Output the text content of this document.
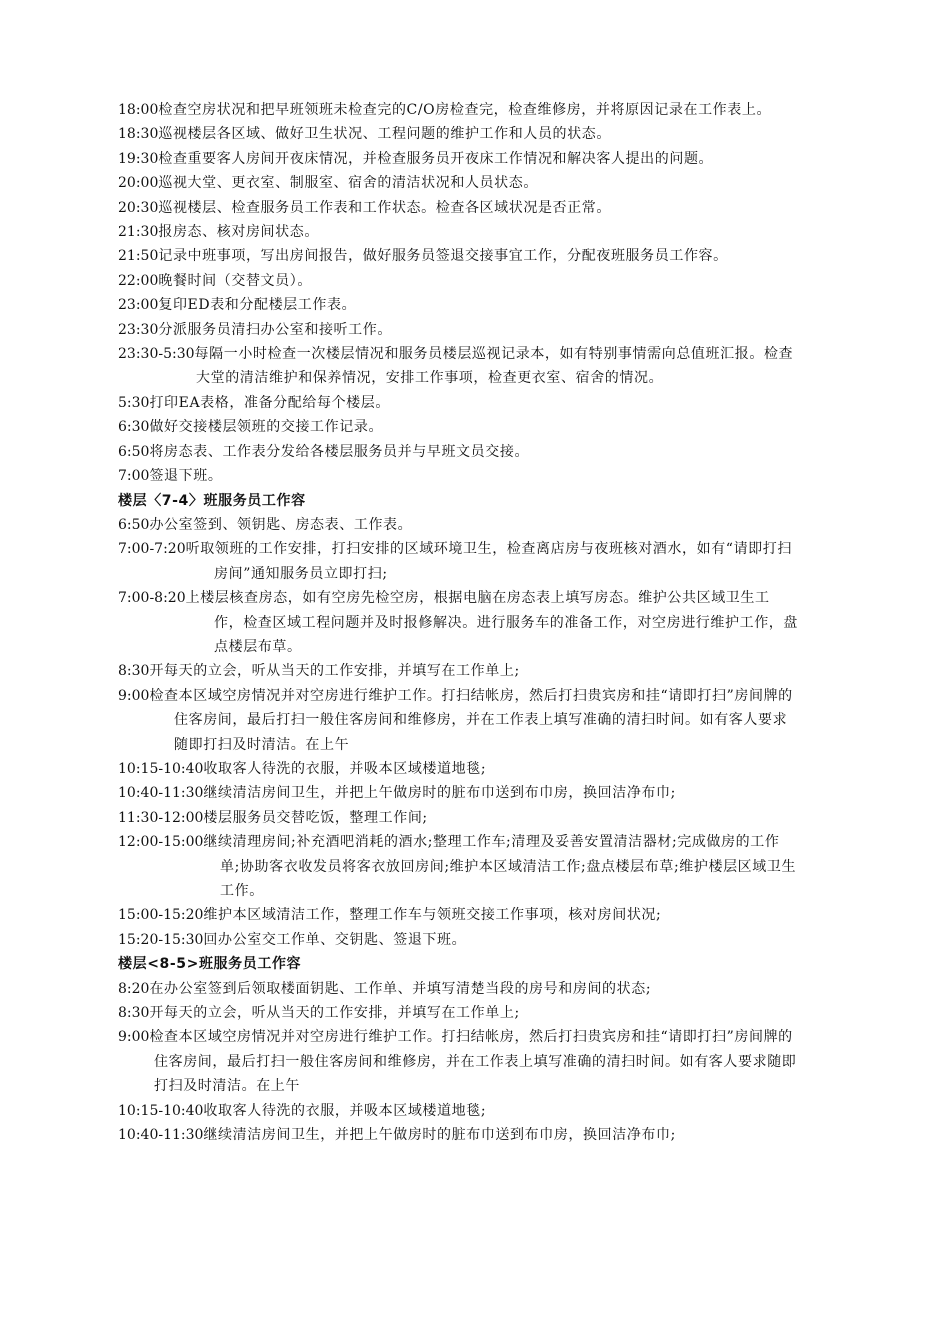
18:00检查空房状况和把早班领班未检查完的C/O房检查完，检查维修房，并将原因记录在工作表上。

18:30巡视楼层各区域、做好卫生状况、工程问题的维护工作和人员的状态。

19:30检查重要客人房间开夜床情况，并检查服务员开夜床工作情况和解决客人提出的问题。

20:00巡视大堂、更衣室、制服室、宿舍的清洁状况和人员状态。

20:30巡视楼层、检查服务员工作表和工作状态。检查各区域状况是否正常。

21:30报房态、核对房间状态。

21:50记录中班事项，写出房间报告，做好服务员签退交接事宜工作，分配夜班服务员工作容。

22:00晚餐时间（交替文员）。

23:00复印ED表和分配楼层工作表。

23:30分派服务员清扫办公室和接听工作。

23:30-5:30每隔一小时检查一次楼层情况和服务员楼层巡视记录本，如有特别事情需向总值班汇报。检查大堂的清洁维护和保养情况，安排工作事项，检查更衣室、宿舍的情况。

5:30打印EA表格，准备分配给每个楼层。

6:30做好交接楼层领班的交接工作记录。

6:50将房态表、工作表分发给各楼层服务员并与早班文员交接。

7:00签退下班。

楼层〈7-4〉班服务员工作容

6:50办公室签到、领钥匙、房态表、工作表。

7:00-7:20听取领班的工作安排，打扫安排的区域环境卫生，检查离店房与夜班核对酒水，如有“请即打扫房间”通知服务员立即打扫;

7:00-8:20上楼层核查房态，如有空房先检空房，根据电脑在房态表上填写房态。维护公共区域卫生工作，检查区域工程问题并及时报修解决。进行服务车的准备工作，对空房进行维护工作，盘点楼层布草。

8:30开每天的立会，听从当天的工作安排，并填写在工作单上;

9:00检查本区域空房情况并对空房进行维护工作。打扫结帐房，然后打扫贵宾房和挂“请即打扫”房间牌的住客房间，最后打扫一般住客房间和维修房，并在工作表上填写准确的清扫时间。如有客人要求随即打扫及时清洁。在上午

10:15-10:40收取客人待洗的衣服，并吸本区域楼道地毯;

10:40-11:30继续清洁房间卫生，并把上午做房时的脏布巾送到布巾房，换回洁净布巾;

11:30-12:00楼层服务员交替吃饭，整理工作间;

12:00-15:00继续清理房间;补充酒吧消耗的酒水;整理工作车;清理及妥善安置清洁器材;完成做房的工作单;协助客衣收发员将客衣放回房间;维护本区域清洁工作;盘点楼层布草;维护楼层区域卫生工作。

15:00-15:20维护本区域清洁工作，整理工作车与领班交接工作事项，核对房间状况;

15:20-15:30回办公室交工作单、交钥匙、签退下班。

楼层<8-5>班服务员工作容

8:20在办公室签到后领取楼面钥匙、工作单、并填写清楚当段的房号和房间的状态;

8:30开每天的立会，听从当天的工作安排，并填写在工作单上;

9:00检查本区域空房情况并对空房进行维护工作。打扫结帐房，然后打扫贵宾房和挂“请即打扫”房间牌的住客房间，最后打扫一般住客房间和维修房，并在工作表上填写准确的清扫时间。如有客人要求随即打扫及时清洁。在上午

10:15-10:40收取客人待洗的衣服，并吸本区域楼道地毯;

10:40-11:30继续清洁房间卫生，并把上午做房时的脏布巾送到布巾房，换回洁净布巾;
